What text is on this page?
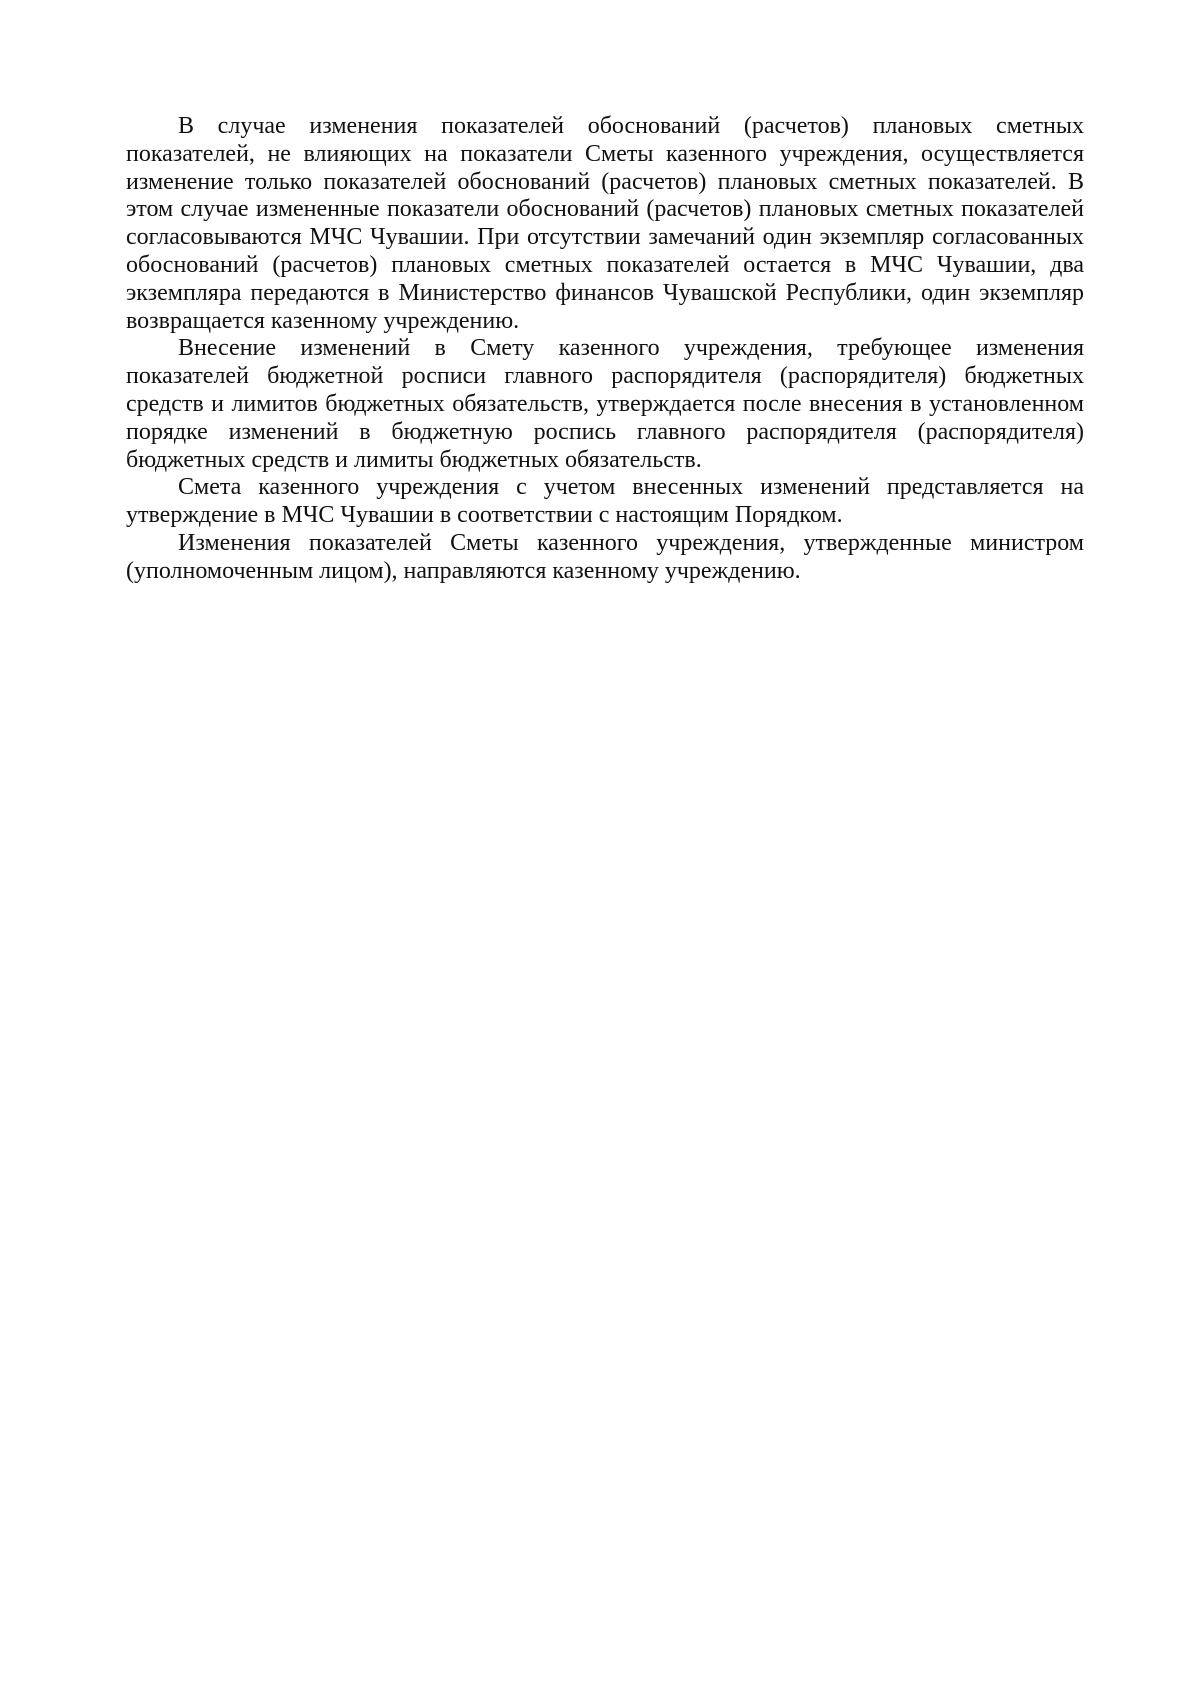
В случае изменения показателей обоснований (расчетов) плановых сметных показателей, не влияющих на показатели Сметы казенного учреждения, осуществляется изменение только показателей обоснований (расчетов) плановых сметных показателей. В этом случае измененные показатели обоснований (расчетов) плановых сметных показателей согласовываются МЧС Чувашии. При отсутствии замечаний один экземпляр согласованных обоснований (расчетов) плановых сметных показателей остается в МЧС Чувашии, два экземпляра передаются в Министерство финансов Чувашской Республики, один экземпляр возвращается казенному учреждению.

Внесение изменений в Смету казенного учреждения, требующее изменения показателей бюджетной росписи главного распорядителя (распорядителя) бюджетных средств и лимитов бюджетных обязательств, утверждается после внесения в установленном порядке изменений в бюджетную роспись главного распорядителя (распорядителя) бюджетных средств и лимиты бюджетных обязательств.

Смета казенного учреждения с учетом внесенных изменений представляется на утверждение в МЧС Чувашии в соответствии с настоящим Порядком.

Изменения показателей Сметы казенного учреждения, утвержденные министром (уполномоченным лицом), направляются казенному учреждению.
